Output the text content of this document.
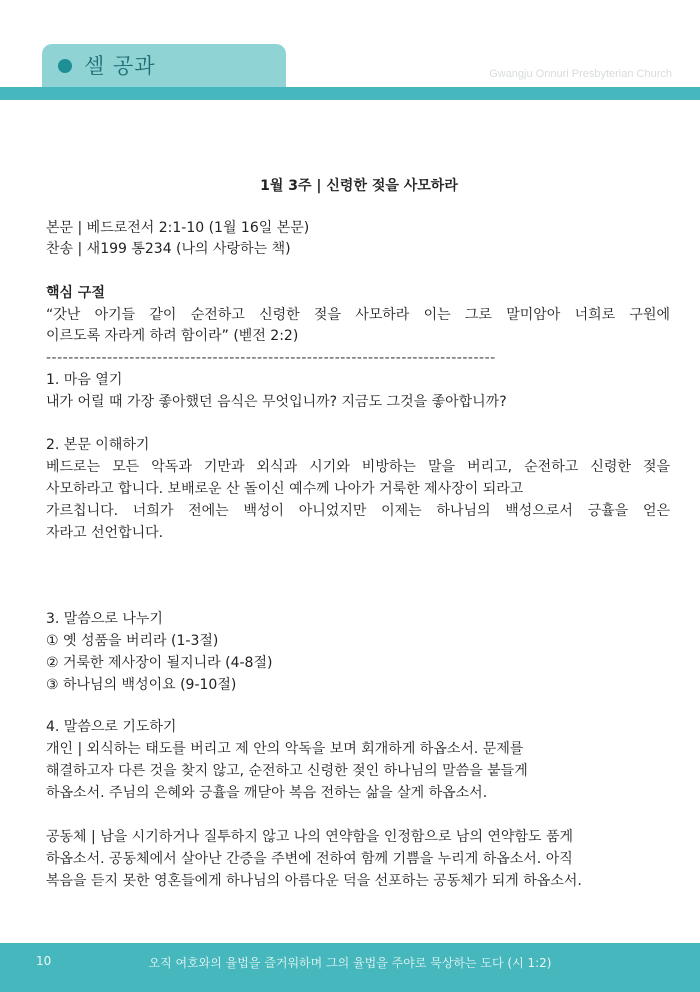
셀 공과	Gwangju Onnuri Presbyterian Church
1월 3주 | 신령한 젖을 사모하라
본문 | 베드로전서 2:1-10 (1월 16일 본문)
찬송 | 새199 통234 (나의 사랑하는 책)
핵심 구절
“갓난 아기들 같이 순전하고 신령한 젖을 사모하라 이는 그로 말미암아 너희로 구원에
이르도록 자라게 하려 함이라” (벧전 2:2)
---------------------------------------------------------------------------------
1. 마음 열기
내가 어릴 때 가장 좋아했던 음식은 무엇입니까? 지금도 그것을 좋아합니까?
2. 본문 이해하기
베드로는 모든 악독과 기만과 외식과 시기와 비방하는 말을 버리고, 순전하고 신령한 젖을
사모하라고 합니다. 보배로운 산 돌이신 예수께 나아가 거룩한 제사장이 되라고
가르칩니다. 너희가 전에는 백성이 아니었지만 이제는 하나님의 백성으로서 긍휼을 얻은
자라고 선언합니다.
3. 말씀으로 나누기
① 옛 성품을 버리라 (1-3절)
② 거룩한 제사장이 될지니라 (4-8절)
③ 하나님의 백성이요 (9-10절)
4. 말씀으로 기도하기
개인 | 외식하는 태도를 버리고 제 안의 악독을 보며 회개하게 하옵소서. 문제를
해결하고자 다른 것을 찾지 않고, 순전하고 신령한 젖인 하나님의 말씀을 붙들게
하옵소서. 주님의 은혜와 긍휼을 깨닫아 복음 전하는 삶을 살게 하옵소서.
공동체 | 남을 시기하거나 질투하지 않고 나의 연약함을 인정함으로 남의 연약함도 품게
하옵소서. 공동체에서 살아난 간증을 주변에 전하여 함께 기쁨을 누리게 하옵소서. 아직
복음을 듣지 못한 영혼들에게 하나님의 아름다운 덕을 선포하는 공동체가 되게 하옵소서.
10	오직 여호와의 율법을 즐거워하며 그의 율법을 주야로 묵상하는 도다 (시 1:2)
